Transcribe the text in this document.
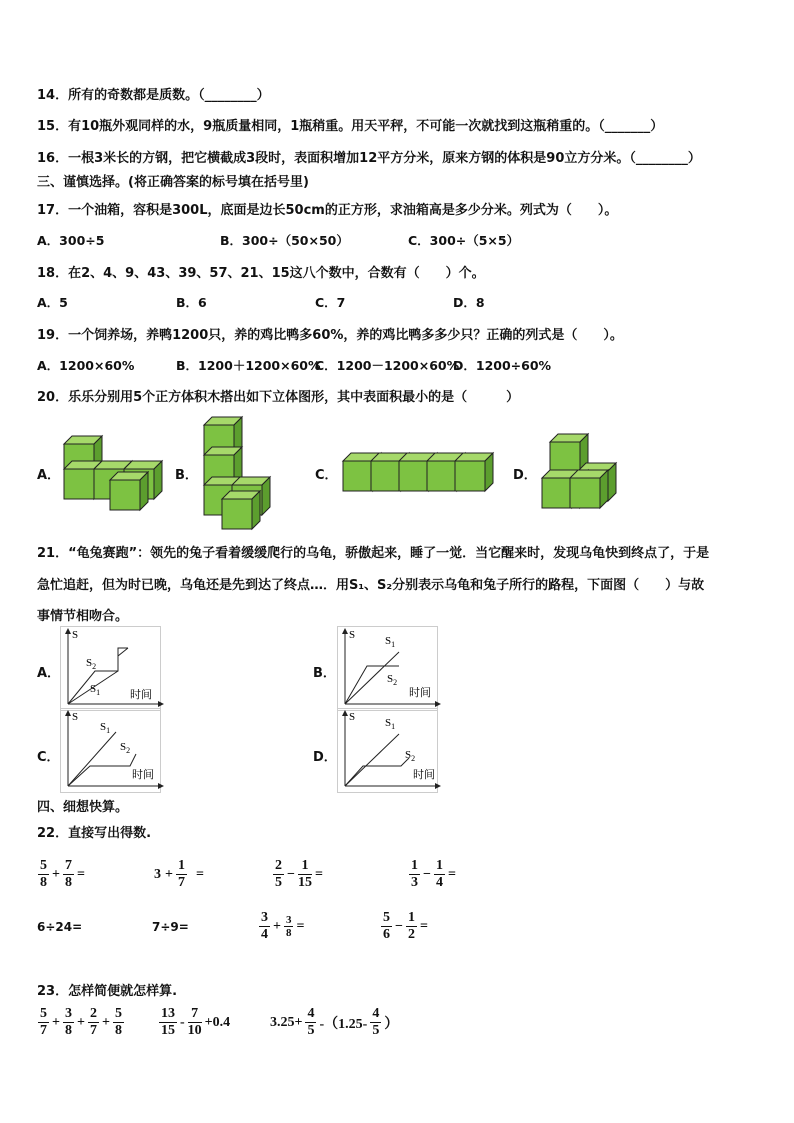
14．所有的奇数都是质数。（________）
15．有10瓶外观同样的水，9瓶质量相同，1瓶稍重。用天平秤，不可能一次就找到这瓶稍重的。（_______）
16．一根3米长的方钢，把它横截成3段时，表面积增加12平方分米，原来方钢的体积是90立方分米。（________）
三、谨慎选择。(将正确答案的标号填在括号里)
17．一个油箱，容积是300L，底面是边长50cm的正方形，求油箱高是多少分米。列式为（　　）。
A．300÷5	B．300÷（50×50）	C．300÷（5×5）
18．在2、4、9、43、39、57、21、15这八个数中，合数有（　　）个。
A．5	B．6	C．7	D．8
19．一个饲养场，养鸭1200只，养的鸡比鸭多60%，养的鸡比鸭多多少只？正确的列式是（　　）。
A．1200×60%	B．1200＋1200×60%
C．1200－1200×60%
D．1200÷60%
20．乐乐分别用5个正方体积木搭出如下立体图形，其中表面积最小的是（　　　）
A．	B．	C．	D．
21．“龟兔赛跑”：领先的兔子看着缓缓爬行的乌龟，骄傲起来，睡了一觉．当它醒来时，发现乌龟快到终点了，于是
急忙追赶，但为时已晚，乌龟还是先到达了终点…．用S₁、S₂分别表示乌龟和兔子所行的路程，下面图（　　）与故
事情节相吻合。
A．	B．
C．	D．
S
时间
$S_2$
$S_1$
S
时间
$S_1$
$S_2$
S
时间
$S_1$
$S_2$
S
时间
$S_1$
$S_2$
四、细想快算。
22．直接写出得数.
$\frac{5}{8} + \frac{7}{8}$ =	$3 + \frac{1}{7}$ =	$\frac{2}{5} - \frac{1}{15}$ =	$\frac{1}{3} - \frac{1}{4}$ =
6÷24=	7÷9=	$\frac{3}{4} + \frac{3}{8}$ =	$\frac{5}{6} - \frac{1}{2}$ =
23．怎样简便就怎样算.
$\frac{5}{7} + \frac{3}{8} + \frac{2}{7} + \frac{5}{8}$	$\frac{13}{15} - \frac{7}{10} +0.4$	$3.25+ \frac{4}{5} -(1.25- \frac{4}{5}$ ）
